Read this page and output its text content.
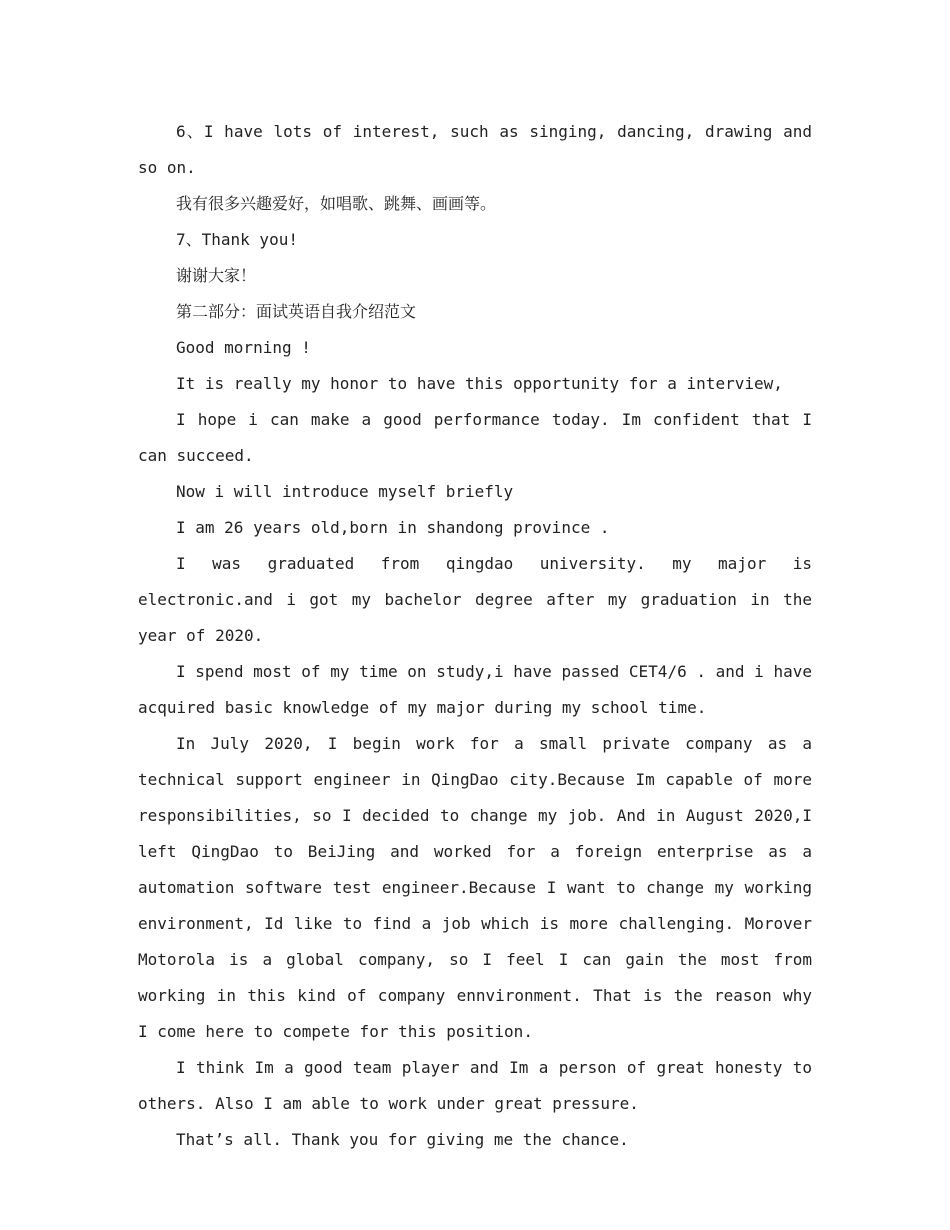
6、I have lots of interest, such as singing, dancing, drawing and so on.

我有很多兴趣爱好，如唱歌、跳舞、画画等。

7、Thank you!

谢谢大家！

第二部分：面试英语自我介绍范文

Good morning !

It is really my honor to have this opportunity for a interview,

I hope i can make a good performance today. Im confident that I can succeed.

Now i will introduce myself briefly

I am 26 years old,born in shandong province .

I was graduated from qingdao university. my major is electronic.and i got my bachelor degree after my graduation in the year of 2020.

I spend most of my time on study,i have passed CET4/6 . and i have acquired basic knowledge of my major during my school time.

In July 2020, I begin work for a small private company as a technical support engineer in QingDao city.Because Im capable of more responsibilities, so I decided to change my job. And in August 2020,I left QingDao to BeiJing and worked for a foreign enterprise as a automation software test engineer.Because I want to change my working environment, Id like to find a job which is more challenging. Morover Motorola is a global company, so I feel I can gain the most from working in this kind of company ennvironment. That is the reason why I come here to compete for this position.

I think Im a good team player and Im a person of great honesty to others. Also I am able to work under great pressure.

That’s all. Thank you for giving me the chance.
